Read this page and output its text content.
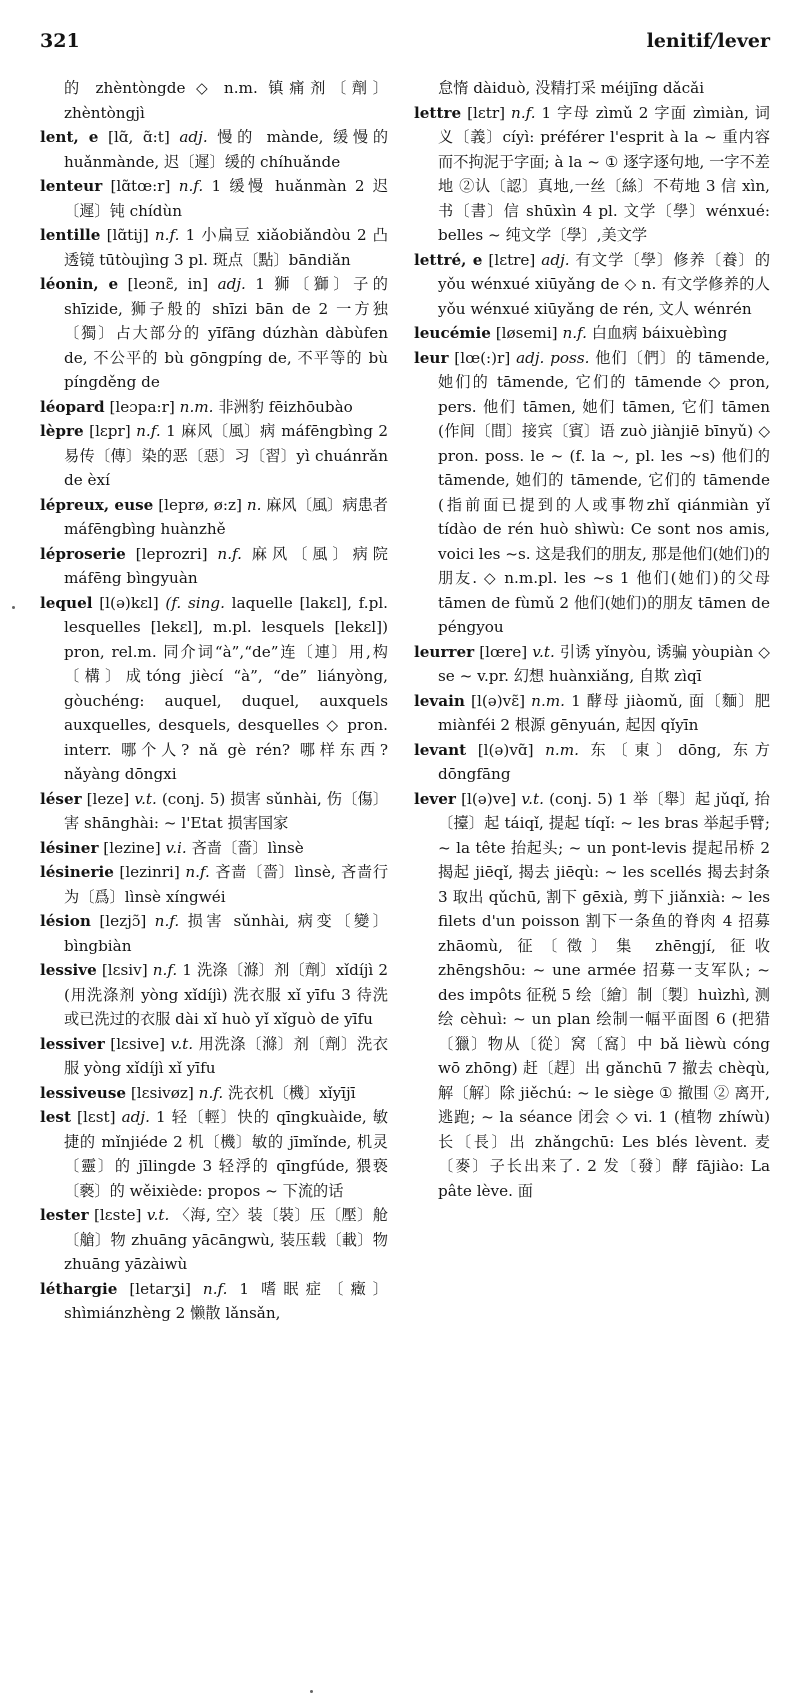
321	lenitif/lever

的 zhèntòngde ◇ n.m. 镇痛剂〔劑〕zhèntòngjì

lent, e [lɑ̃, ɑ̃:t] adj. 慢的 mànde, 缓慢的 huǎnmànde, 迟〔遲〕缓的 chíhuǎnde

lenteur [lɑ̃tœ:r] n.f. 1 缓慢 huǎnmàn 2 迟〔遲〕钝 chídùn

lentille [lɑ̃tij] n.f. 1 小扁豆 xiǎobiǎndòu 2 凸透镜 tūtòujìng 3 pl. 斑点〔點〕bāndiǎn

léonin, e [leɔnɛ̃, in] adj. 1 狮〔獅〕子的 shīzide, 狮子般的 shīzi bān de 2 一方独〔獨〕占大部分的 yīfāng dúzhàn dàbùfen de, 不公平的 bù gōngpíng de, 不平等的 bù píngděng de

léopard [leɔpa:r] n.m. 非洲豹 fēizhōubào

lèpre [lɛpr] n.f. 1 麻风〔風〕病 máfēngbìng 2 易传〔傳〕染的恶〔惡〕习〔習〕yì chuánrǎn de èxí

lépreux, euse [leprø, ø:z] n. 麻风〔風〕病患者 máfēngbìng huànzhě

léproserie [leprozri] n.f. 麻风〔風〕病院 máfēng bìngyuàn

lequel [l(ə)kɛl] (f. sing. laquelle [lakɛl], f.pl. lesquelles [lekɛl], m.pl. lesquels [lekɛl]) pron, rel.m. 同介词“à”,“de”连〔連〕用,构〔構〕成tóng jiècí “à”, “de” liányòng, gòuchéng: auquel, duquel, auxquels auxquelles, desquels, desquelles ◇ pron. interr. 哪个人? nǎ gè rén? 哪样东西? nǎyàng dōngxi

léser [leze] v.t. (conj. 5) 损害 sǔnhài, 伤〔傷〕害 shānghài: ~ l'Etat 损害国家

lésiner [lezine] v.i. 吝啬〔嗇〕lìnsè

lésinerie [lezinri] n.f. 吝啬〔嗇〕lìnsè, 吝啬行为〔爲〕lìnsè xíngwéi

lésion [lezjɔ̃] n.f. 损害 sǔnhài, 病变〔變〕bìngbiàn

lessive [lɛsiv] n.f. 1 洗涤〔滌〕剂〔劑〕xǐdíjì 2 (用洗涤剂 yòng xǐdíjì) 洗衣服 xǐ yīfu 3 待洗或已洗过的衣服 dài xǐ huò yǐ xǐguò de yīfu

lessiver [lɛsive] v.t. 用洗涤〔滌〕剂〔劑〕洗衣服 yòng xǐdíjì xǐ yīfu

lessiveuse [lɛsivøz] n.f. 洗衣机〔機〕xǐyījī

lest [lɛst] adj. 1 轻〔輕〕快的 qīngkuàide, 敏捷的 mǐnjiéde 2 机〔機〕敏的 jīmǐnde, 机灵〔靈〕的 jīlingde 3 轻浮的 qīngfúde, 猥亵〔褻〕的 wěixiède: propos ~ 下流的话

lester [lɛste] v.t. 〈海, 空〉装〔裝〕压〔壓〕舱〔艙〕物 zhuāng yācāngwù, 装压载〔載〕物 zhuāng yāzàiwù

léthargie [letarʒi] n.f. 1 嗜眠症〔癥〕shìmiánzhèng 2 懒散 lǎnsǎn,

怠惰 dàiduò, 没精打采 méijīng dǎcǎi

lettre [lɛtr] n.f. 1 字母 zìmǔ 2 字面 zìmiàn, 词义〔義〕cíyì: préférer l'esprit à la ~ 重内容而不拘泥于字面; à la ~ ① 逐字逐句地, 一字不差地 ②认〔認〕真地,一丝〔絲〕不苟地 3 信 xìn, 书〔書〕信 shūxìn 4 pl. 文学〔學〕wénxué: belles ~ 纯文学〔學〕,美文学

lettré, e [lɛtre] adj. 有文学〔學〕修养〔養〕的 yǒu wénxué xiūyǎng de ◇ n. 有文学修养的人 yǒu wénxué xiūyǎng de rén, 文人 wénrén

leucémie [løsemi] n.f. 白血病 báixuèbìng

leur [lœ(:)r] adj. poss. 他们〔們〕的 tāmende, 她们的 tāmende, 它们的 tāmende ◇ pron, pers. 他们 tāmen, 她们 tāmen, 它们 tāmen (作间〔間〕接宾〔賓〕语 zuò jiànjiē bīnyǔ) ◇ pron. poss. le ~ (f. la ~, pl. les ~s) 他们的 tāmende, 她们的 tāmende, 它们的 tāmende (指前面已提到的人或事物zhǐ qiánmiàn yǐ tídào de rén huò shìwù: Ce sont nos amis, voici les ~s. 这是我们的朋友, 那是他们(她们)的朋友. ◇ n.m.pl. les ~s 1 他们(她们)的父母 tāmen de fùmǔ 2 他们(她们)的朋友 tāmen de péngyou

leurrer [lœre] v.t. 引诱 yǐnyòu, 诱骗 yòupiàn ◇ se ~ v.pr. 幻想 huànxiǎng, 自欺 zìqī

levain [l(ə)vɛ̃] n.m. 1 酵母 jiàomǔ, 面〔麵〕肥 miànféi 2 根源 gēnyuán, 起因 qǐyīn

levant [l(ə)vɑ̃] n.m. 东〔東〕dōng, 东方 dōngfāng

lever [l(ə)ve] v.t. (conj. 5) 1 举〔舉〕起 jǔqǐ, 抬〔擡〕起 táiqǐ, 提起 tíqǐ: ~ les bras 举起手臂; ~ la tête 抬起头; ~ un pont-levis 提起吊桥 2 揭起 jiēqǐ, 揭去 jiēqù: ~ les scellés 揭去封条 3 取出 qǔchū, 割下 gēxià, 剪下 jiǎnxià: ~ les filets d'un poisson 割下一条鱼的脊肉 4 招募 zhāomù, 征〔徵〕集 zhēngjí, 征收 zhēngshōu: ~ une armée 招募一支军队; ~ des impôts 征税 5 绘〔繪〕制〔製〕huìzhì, 测绘 cèhuì: ~ un plan 绘制一幅平面图 6 (把猎〔獵〕物从〔從〕窝〔窩〕中 bǎ lièwù cóng wō zhōng) 赶〔趕〕出 gǎnchū 7 撤去 chèqù, 解〔解〕除 jiěchú: ~ le siège ① 撤围 ② 离开,逃跑; ~ la séance 闭会 ◇ vi. 1 (植物 zhíwù) 长〔長〕出 zhǎngchū: Les blés lèvent. 麦〔麥〕子长出来了. 2 发〔發〕酵 fājiào: La pâte lève. 面
